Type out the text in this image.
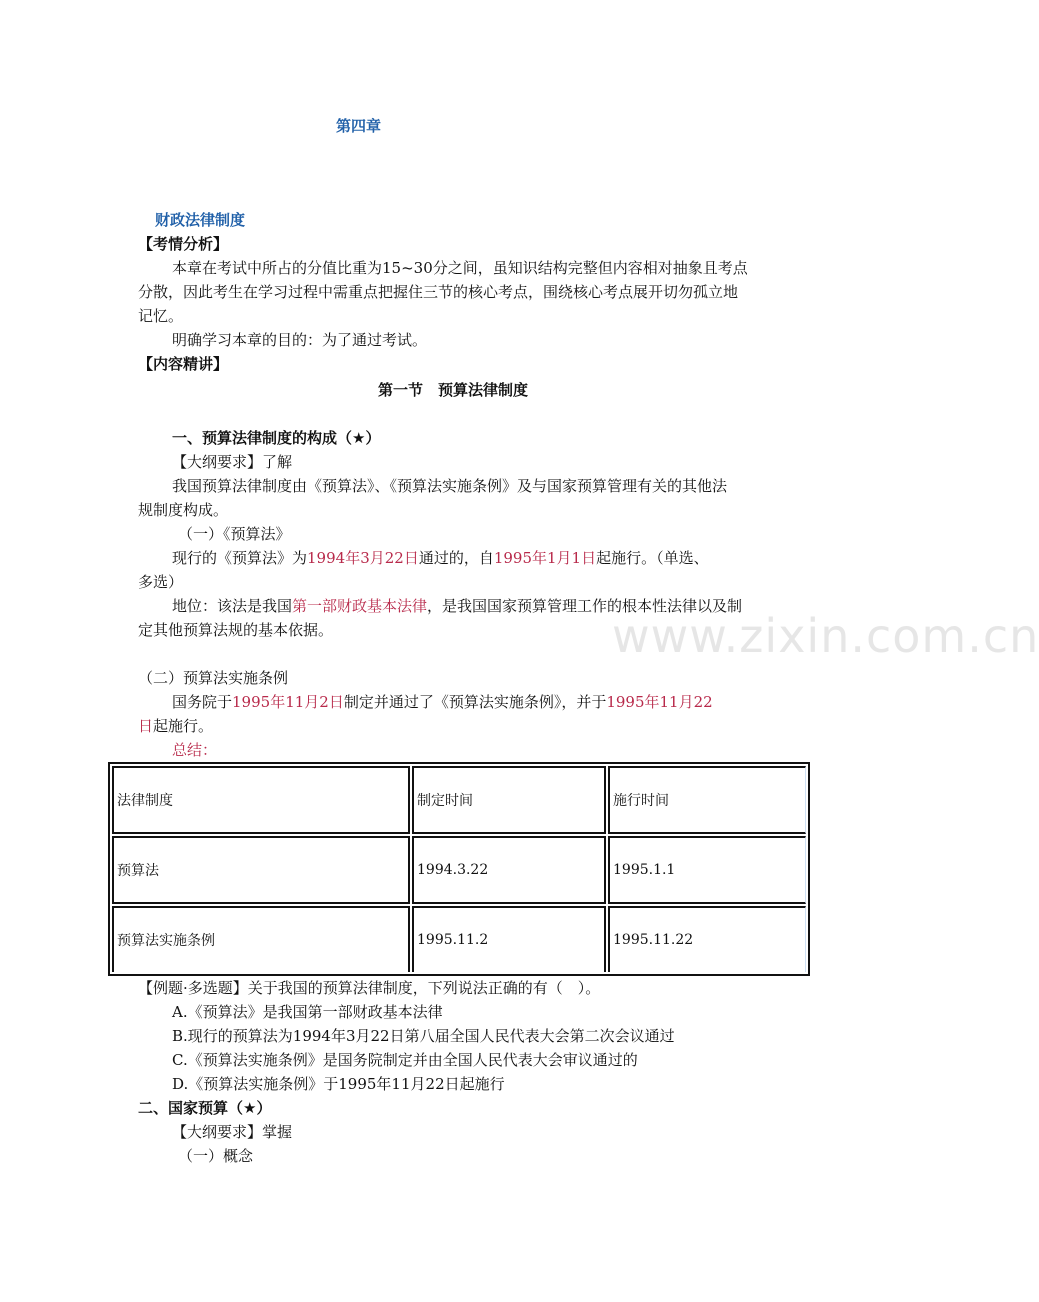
第四章
财政法律制度
【考情分析】
本章在考试中所占的分值比重为15~30分之间，虽知识结构完整但内容相对抽象且考点
分散，因此考生在学习过程中需重点把握住三节的核心考点，围绕核心考点展开切勿孤立地
记忆。
明确学习本章的目的：为了通过考试。
【内容精讲】
第一节　预算法律制度
一、预算法律制度的构成（★）
【大纲要求】了解
我国预算法律制度由《预算法》、《预算法实施条例》及与国家预算管理有关的其他法
规制度构成。
（一）《预算法》
现行的《预算法》为1994年3月22日通过的，自1995年1月1日起施行。（单选、
多选）
地位：该法是我国第一部财政基本法律，是我国国家预算管理工作的根本性法律以及制
定其他预算法规的基本依据。	www.zixin.com.cn
（二）预算法实施条例
国务院于1995年11月2日制定并通过了《预算法实施条例》，并于1995年11月22
日起施行。
总结：
法律制度	制定时间	施行时间
预算法	1994.3.22	1995.1.1
预算法实施条例	1995.11.2	1995.11.22
【例题·多选题】关于我国的预算法律制度，下列说法正确的有（　）。
A.《预算法》是我国第一部财政基本法律
B.现行的预算法为1994年3月22日第八届全国人民代表大会第二次会议通过
C.《预算法实施条例》是国务院制定并由全国人民代表大会审议通过的
D.《预算法实施条例》于1995年11月22日起施行
二、国家预算（★）
【大纲要求】掌握
（一）概念
